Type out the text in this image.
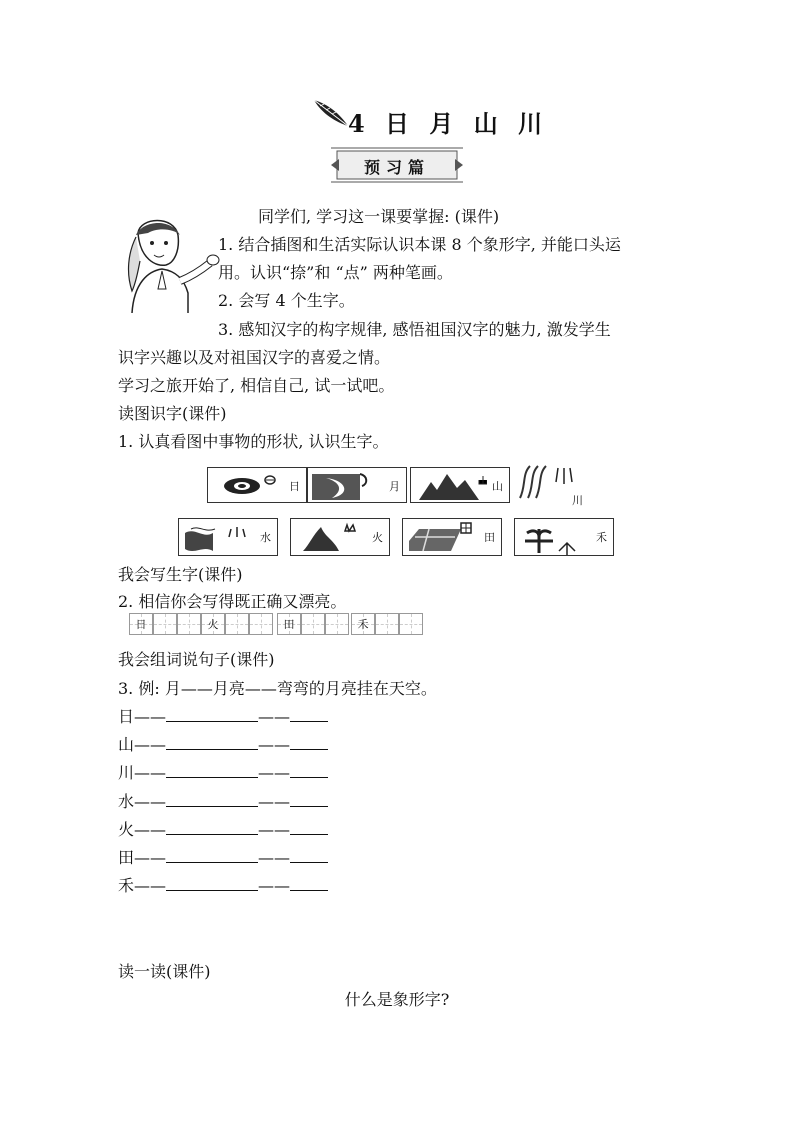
4 日 月 山 川
预习篇
同学们, 学习这一课要掌握: (课件)
1. 结合插图和生活实际认识本课 8 个象形字, 并能口头运
用。认识“捺”和 “点” 两种笔画。
2. 会写 4 个生字。
3. 感知汉字的构字规律, 感悟祖国汉字的魅力, 激发学生
识字兴趣以及对祖国汉字的喜爱之情。
学习之旅开始了, 相信自己, 试一试吧。
读图识字(课件)
1. 认真看图中事物的形状, 认识生字。
日	月	山
川
水	火	田	禾
我会写生字(课件)
2. 相信你会写得既正确又漂亮。
日	火	田	禾
我会组词说句子(课件)
3. 例: 月——月亮——弯弯的月亮挂在天空。
日——	——
山——	——
川——	——
水——	——
火——	——
田——	——
禾——	——
读一读(课件)
什么是象形字?
